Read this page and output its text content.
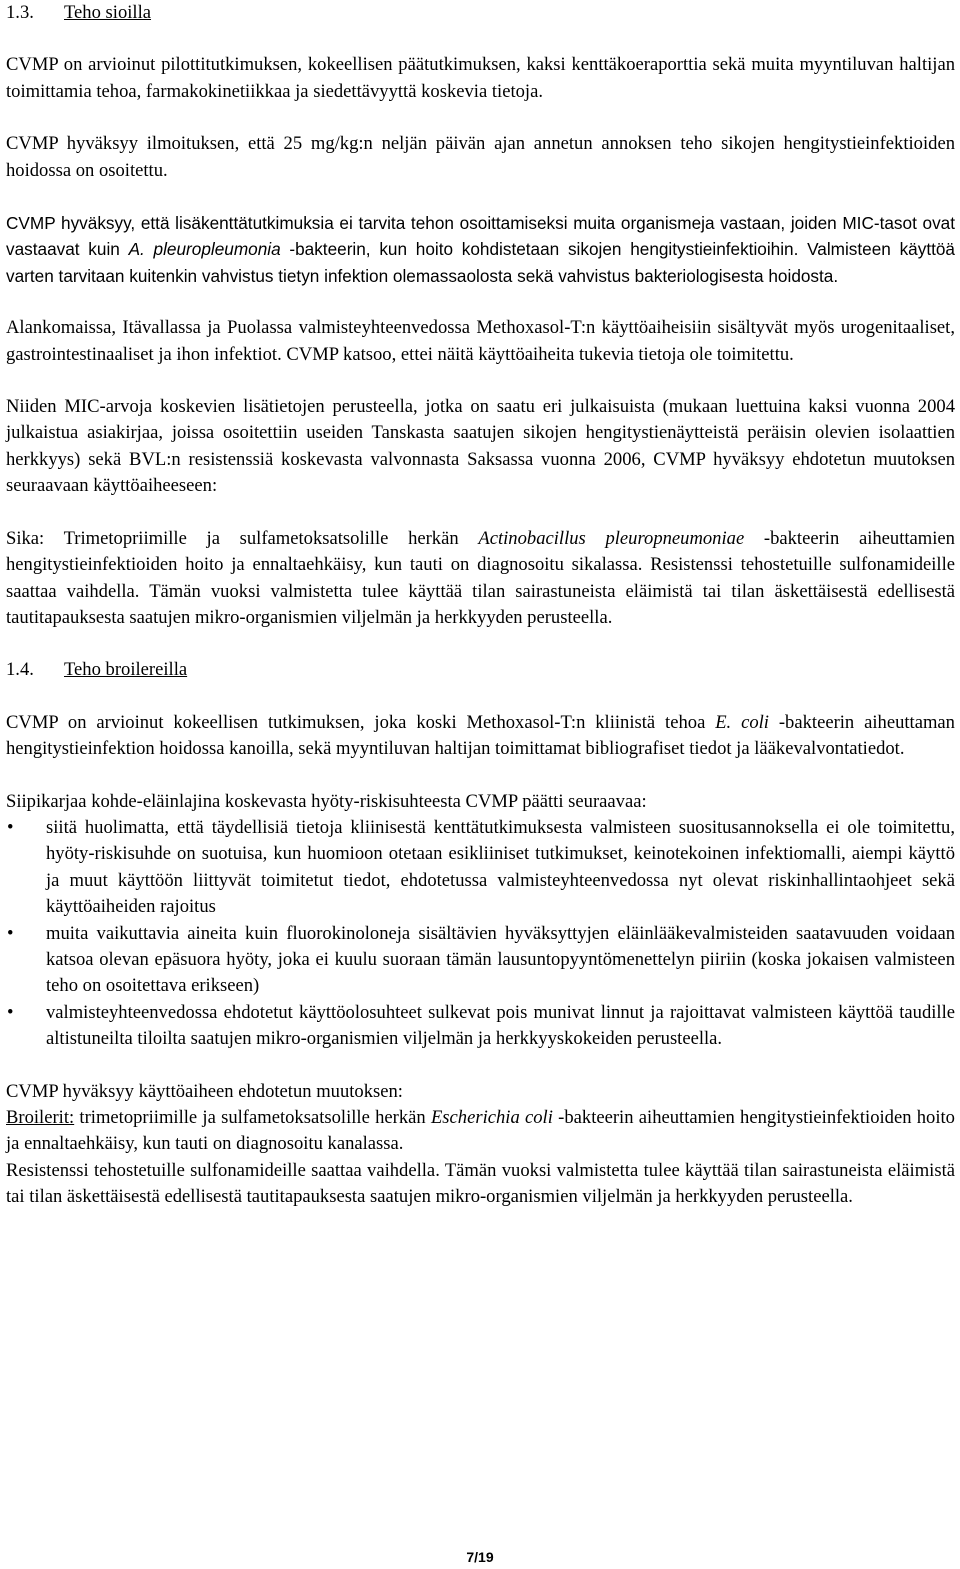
1.3. Teho sioilla

CVMP on arvioinut pilottitutkimuksen, kokeellisen päätutkimuksen, kaksi kenttäkoeraporttia sekä muita myyntiluvan haltijan toimittamia tehoa, farmakokinetiikkaa ja siedettävyyttä koskevia tietoja.

CVMP hyväksyy ilmoituksen, että 25 mg/kg:n neljän päivän ajan annetun annoksen teho sikojen hengitystieinfektioiden hoidossa on osoitettu.

CVMP hyväksyy, että lisäkenttätutkimuksia ei tarvita tehon osoittamiseksi muita organismeja vastaan, joiden MIC-tasot ovat vastaavat kuin A. pleuropleumonia -bakteerin, kun hoito kohdistetaan sikojen hengitystieinfektioihin. Valmisteen käyttöä varten tarvitaan kuitenkin vahvistus tietyn infektion olemassaolosta sekä vahvistus bakteriologisesta hoidosta.

Alankomaissa, Itävallassa ja Puolassa valmisteyhteenvedossa Methoxasol-T:n käyttöaiheisiin sisältyvät myös urogenitaaliset, gastrointestinaaliset ja ihon infektiot. CVMP katsoo, ettei näitä käyttöaiheita tukevia tietoja ole toimitettu.

Niiden MIC-arvoja koskevien lisätietojen perusteella, jotka on saatu eri julkaisuista (mukaan luettuina kaksi vuonna 2004 julkaistua asiakirjaa, joissa osoitettiin useiden Tanskasta saatujen sikojen hengitystienäytteistä peräisin olevien isolaattien herkkyys) sekä BVL:n resistenssiä koskevasta valvonnasta Saksassa vuonna 2006, CVMP hyväksyy ehdotetun muutoksen seuraavaan käyttöaiheeseen:

Sika: Trimetopriimille ja sulfametoksatsolille herkän Actinobacillus pleuropneumoniae -bakteerin aiheuttamien hengitystieinfektioiden hoito ja ennaltaehkäisy, kun tauti on diagnosoitu sikalassa. Resistenssi tehostetuille sulfonamideille saattaa vaihdella. Tämän vuoksi valmistetta tulee käyttää tilan sairastuneista eläimistä tai tilan äskettäisestä edellisestä tautitapauksesta saatujen mikro-organismien viljelmän ja herkkyyden perusteella.

1.4. Teho broilereilla

CVMP on arvioinut kokeellisen tutkimuksen, joka koski Methoxasol-T:n kliinistä tehoa E. coli -bakteerin aiheuttaman hengitystieinfektion hoidossa kanoilla, sekä myyntiluvan haltijan toimittamat bibliografiset tiedot ja lääkevalvontatiedot.

Siipikarjaa kohde-eläinlajina koskevasta hyöty-riskisuhteesta CVMP päätti seuraavaa:

• siitä huolimatta, että täydellisiä tietoja kliinisestä kenttätutkimuksesta valmisteen suositusannoksella ei ole toimitettu, hyöty-riskisuhde on suotuisa, kun huomioon otetaan esikliiniset tutkimukset, keinotekoinen infektiomalli, aiempi käyttö ja muut käyttöön liittyvät toimitetut tiedot, ehdotetussa valmisteyhteenvedossa nyt olevat riskinhallintaohjeet sekä käyttöaiheiden rajoitus
• muita vaikuttavia aineita kuin fluorokinoloneja sisältävien hyväksyttyjen eläinlääkevalmisteiden saatavuuden voidaan katsoa olevan epäsuora hyöty, joka ei kuulu suoraan tämän lausuntopyyntömenettelyn piiriin (koska jokaisen valmisteen teho on osoitettava erikseen)
• valmisteyhteenvedossa ehdotetut käyttöolosuhteet sulkevat pois munivat linnut ja rajoittavat valmisteen käyttöä taudille altistuneilta tiloilta saatujen mikro-organismien viljelmän ja herkkyyskokeiden perusteella.

CVMP hyväksyy käyttöaiheen ehdotetun muutoksen:

Broilerit: trimetopriimille ja sulfametoksatsolille herkän Escherichia coli -bakteerin aiheuttamien hengitystieinfektioiden hoito ja ennaltaehkäisy, kun tauti on diagnosoitu kanalassa.

Resistenssi tehostetuille sulfonamideille saattaa vaihdella. Tämän vuoksi valmistetta tulee käyttää tilan sairastuneista eläimistä tai tilan äskettäisestä edellisestä tautitapauksesta saatujen mikro-organismien viljelmän ja herkkyyden perusteella.

7/19
